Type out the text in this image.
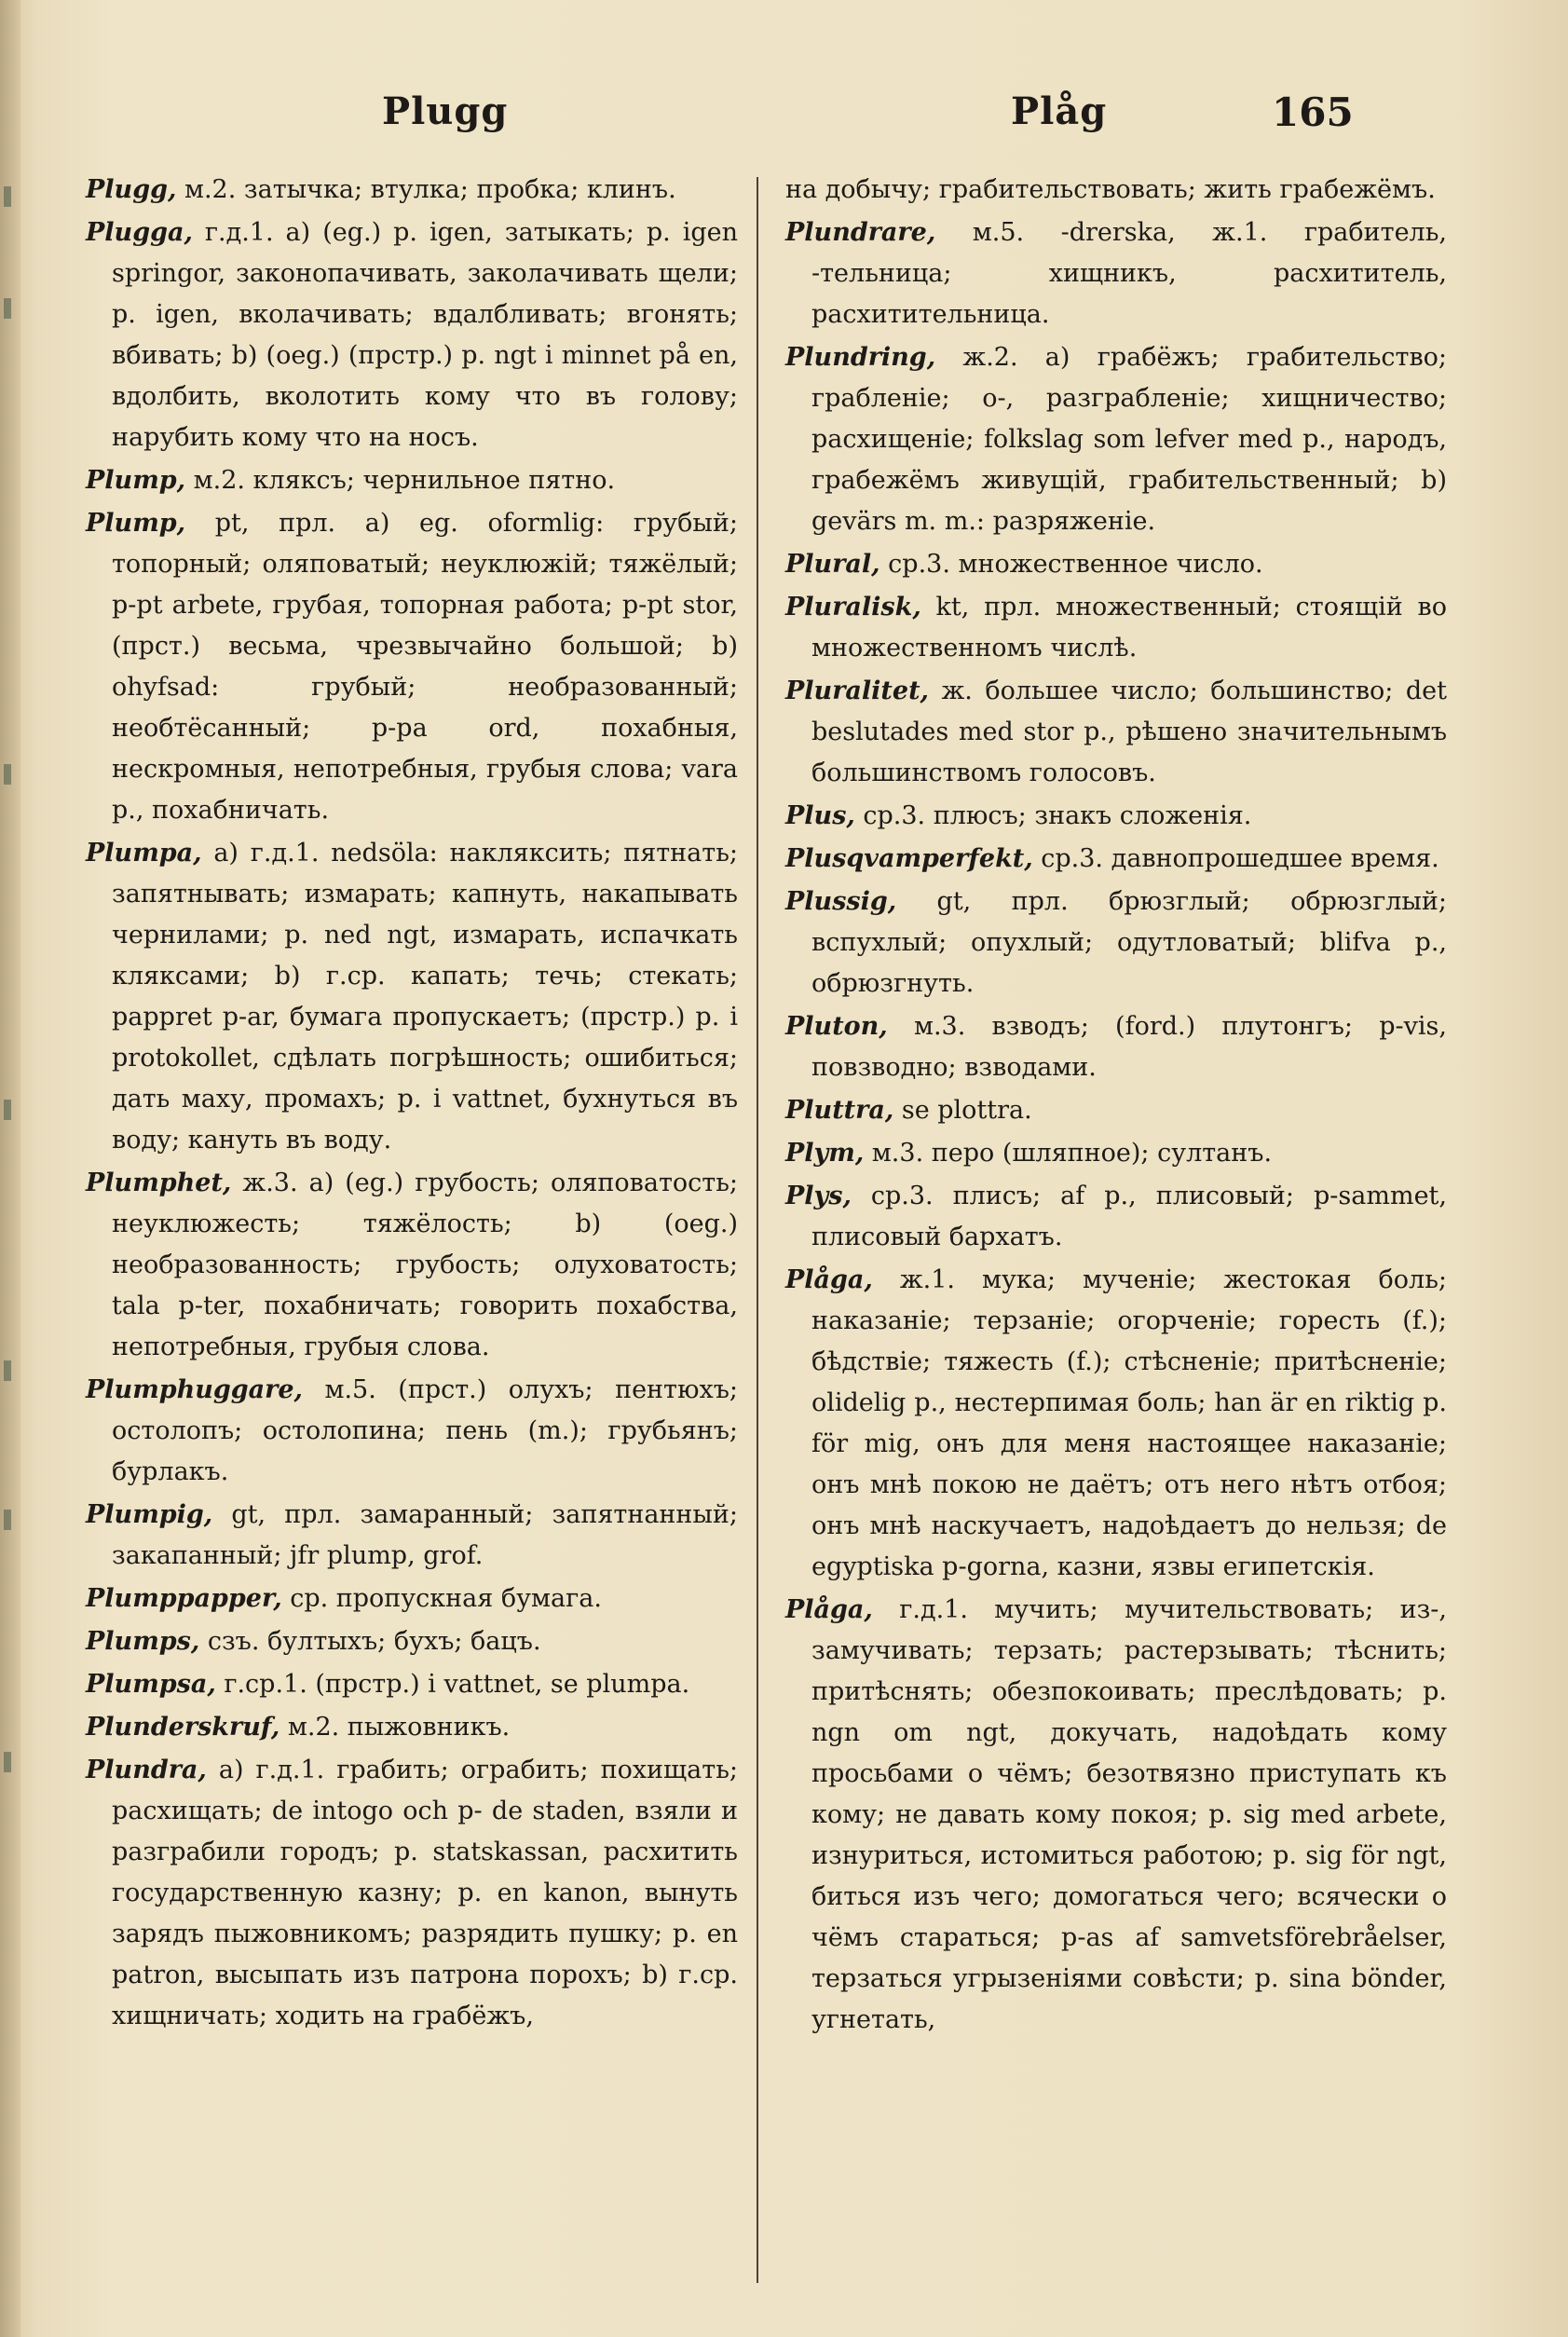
Plugg	Plåg	165

Plugg, м.2. затычка; втулка; пробка; клинъ.

Plugga, г.д.1. a) (eg.) p. igen, затыкать; p. igen springor, законопачивать, заколачивать щели; p. igen, вколачивать; вдалбливать; вгонять; вбивать; b) (oeg.) (прстр.) p. ngt i minnet på en, вдолбить, вколотить кому что въ голову; нарубить кому что на носъ.

Plump, м.2. кляксъ; чернильное пятно.

Plump, pt, прл. a) eg. oformlig: грубый; топорный; оляповатый; неуклюжій; тяжёлый; p-pt arbete, грубая, топорная работа; p-pt stor, (прст.) весьма, чрезвычайно большой; b) ohyfsad: грубый; необразованный; необтёсанный; p-pa ord, похабныя, нескромныя, непотребныя, грубыя слова; vara p., похабничать.

Plumpa, a) г.д.1. nedsöla: накляксить; пятнать; запятнывать; измарать; капнуть, накапывать чернилами; p. ned ngt, измарать, испачкать кляксами; b) г.ср. капать; течь; стекать; pappret p-ar, бумага пропускаетъ; (прстр.) p. i protokollet, сдѣлать погрѣшность; ошибиться; дать маху, промахъ; p. i vattnet, бухнуться въ воду; кануть въ воду.

Plumphet, ж.3. a) (eg.) грубость; оляповатость; неуклюжесть; тяжёлость; b) (oeg.) необразованность; грубость; олуховатость; tala p-ter, похабничать; говорить похабства, непотребныя, грубыя слова.

Plumphuggare, м.5. (прст.) олухъ; пентюхъ; остолопъ; остолопина; пень (m.); грубьянъ; бурлакъ.

Plumpig, gt, прл. замаранный; запятнанный; закапанный; jfr plump, grof.

Plumppapper, ср. пропускная бумага.

Plumps, сзъ. бултыхъ; бухъ; бацъ.

Plumpsa, г.ср.1. (прстр.) i vattnet, se plumpa.

Plunderskruf, м.2. пыжовникъ.

Plundra, a) г.д.1. грабить; ограбить; похищать; расхищать; de intogo och p- de staden, взяли и разграбили городъ; p. statskassan, расхитить государственную казну; p. en kanon, вынуть зарядъ пыжовникомъ; разрядить пушку; p. en patron, высыпать изъ патрона порохъ; b) г.ср. хищничать; ходить на грабёжъ,

на добычу; грабительствовать; жить грабежёмъ.

Plundrare, м.5. -drerska, ж.1. грабитель, -тельница; хищникъ, расхититель, расхитительница.

Plundring, ж.2. a) грабёжъ; грабительство; грабленіе; о-, разграбленіе; хищничество; расхищеніе; folkslag som lefver med p., народъ, грабежёмъ живущій, грабительственный; b) gevärs m. m.: разряженіе.

Plural, ср.3. множественное число.

Pluralisk, kt, прл. множественный; стоящій во множественномъ числѣ.

Pluralitet, ж. большее число; большинство; det beslutades med stor p., рѣшено значительнымъ большинствомъ голосовъ.

Plus, ср.3. плюсъ; знакъ сложенія.

Plusqvamperfekt, ср.3. давнопрошедшее время.

Plussig, gt, прл. брюзглый; обрюзглый; вспухлый; опухлый; одутловатый; blifva p., обрюзгнуть.

Pluton, м.3. взводъ; (ford.) плутонгъ; p-vis, повзводно; взводами.

Pluttra, se plottra.

Plym, м.3. перо (шляпное); султанъ.

Plys, ср.3. плисъ; af p., плисовый; p-sammet, плисовый бархатъ.

Plåga, ж.1. мука; мученіе; жестокая боль; наказаніе; терзаніе; огорченіе; горесть (f.); бѣдствіе; тяжесть (f.); стѣсненіе; притѣсненіе; olidelig p., нестерпимая боль; han är en riktig p. för mig, онъ для меня настоящее наказаніе; онъ мнѣ покою не даётъ; отъ него нѣтъ отбоя; онъ мнѣ наскучаетъ, надоѣдаетъ до нельзя; de egyptiska p-gorna, казни, язвы египетскія.

Plåga, г.д.1. мучить; мучительствовать; из-, замучивать; терзать; растерзывать; тѣснить; притѣснять; обезпокоивать; преслѣдовать; p. ngn om ngt, докучать, надоѣдать кому просьбами о чёмъ; безотвязно приступать къ кому; не давать кому покоя; p. sig med arbete, изнуриться, истомиться работою; p. sig för ngt, биться изъ чего; домогаться чего; всячески о чёмъ стараться; p-as af samvetsförebråelser, терзаться угрызеніями совѣсти; p. sina bönder, угнетать,
